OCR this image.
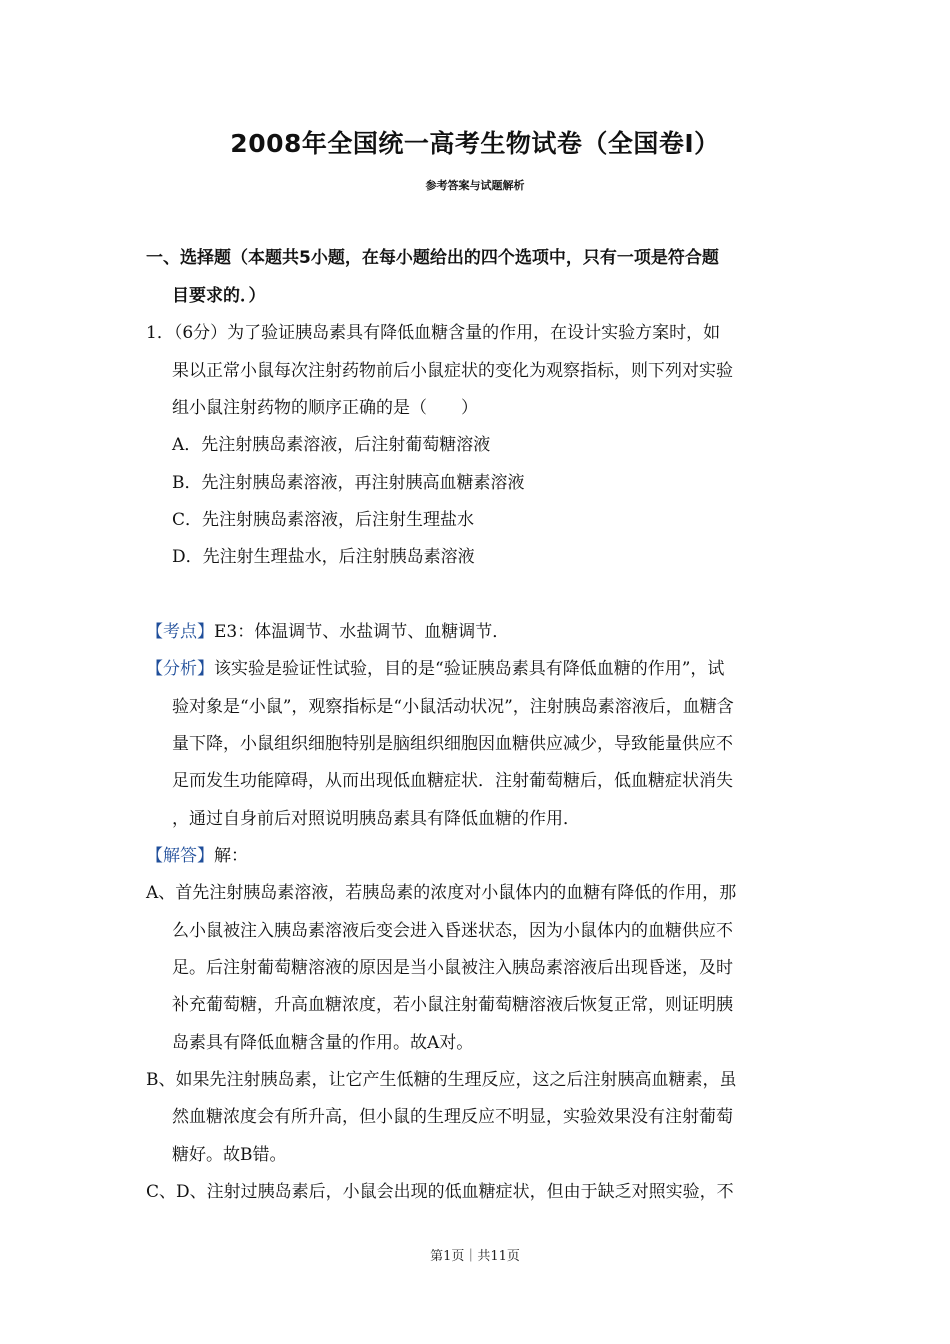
2008年全国统一高考生物试卷（全国卷Ⅰ）
参考答案与试题解析
一、选择题（本题共5小题，在每小题给出的四个选项中，只有一项是符合题
目要求的．）
1．（6分）为了验证胰岛素具有降低血糖含量的作用，在设计实验方案时，如
果以正常小鼠每次注射药物前后小鼠症状的变化为观察指标，则下列对实验
组小鼠注射药物的顺序正确的是（　　）
A．先注射胰岛素溶液，后注射葡萄糖溶液
B．先注射胰岛素溶液，再注射胰高血糖素溶液
C．先注射胰岛素溶液，后注射生理盐水
D．先注射生理盐水，后注射胰岛素溶液
【考点】E3：体温调节、水盐调节、血糖调节．
【分析】该实验是验证性试验，目的是“验证胰岛素具有降低血糖的作用”，试
验对象是“小鼠”，观察指标是“小鼠活动状况”，注射胰岛素溶液后，血糖含
量下降，小鼠组织细胞特别是脑组织细胞因血糖供应减少，导致能量供应不
足而发生功能障碍，从而出现低血糖症状．注射葡萄糖后，低血糖症状消失
，通过自身前后对照说明胰岛素具有降低血糖的作用．
【解答】解：
A、首先注射胰岛素溶液，若胰岛素的浓度对小鼠体内的血糖有降低的作用，那
么小鼠被注入胰岛素溶液后变会进入昏迷状态，因为小鼠体内的血糖供应不
足。后注射葡萄糖溶液的原因是当小鼠被注入胰岛素溶液后出现昏迷，及时
补充葡萄糖，升高血糖浓度，若小鼠注射葡萄糖溶液后恢复正常，则证明胰
岛素具有降低血糖含量的作用。故A对。
B、如果先注射胰岛素，让它产生低糖的生理反应，这之后注射胰高血糖素，虽
然血糖浓度会有所升高，但小鼠的生理反应不明显，实验效果没有注射葡萄
糖好。故B错。
C、D、注射过胰岛素后，小鼠会出现的低血糖症状，但由于缺乏对照实验，不
第1页｜共11页
